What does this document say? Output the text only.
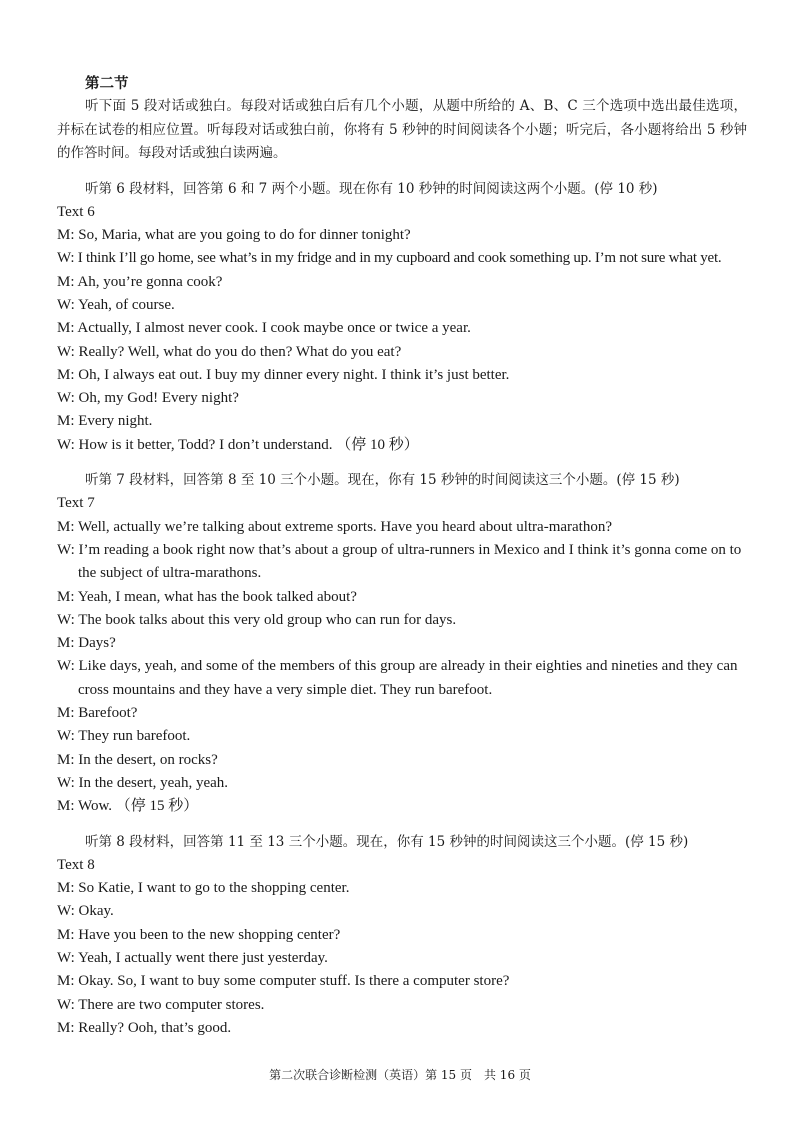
第二节

听下面 5 段对话或独白。每段对话或独白后有几个小题，从题中所给的 A、B、C 三个选项中选出最佳选项，并标在试卷的相应位置。听每段对话或独白前，你将有 5 秒钟的时间阅读各个小题；听完后，各小题将给出 5 秒钟的作答时间。每段对话或独白读两遍。

听第 6 段材料，回答第 6 和 7 两个小题。现在你有 10 秒钟的时间阅读这两个小题。(停 10 秒)

Text 6
M: So, Maria, what are you going to do for dinner tonight?
W: I think I’ll go home, see what’s in my fridge and in my cupboard and cook something up. I’m not sure what yet.
M: Ah, you’re gonna cook?
W: Yeah, of course.
M: Actually, I almost never cook. I cook maybe once or twice a year.
W: Really? Well, what do you do then? What do you eat?
M: Oh, I always eat out. I buy my dinner every night. I think it’s just better.
W: Oh, my God! Every night?
M: Every night.
W: How is it better, Todd? I don’t understand. （停 10 秒）

听第 7 段材料，回答第 8 至 10 三个小题。现在，你有 15 秒钟的时间阅读这三个小题。(停 15 秒)

Text 7
M: Well, actually we’re talking about extreme sports. Have you heard about ultra-marathon?
W: I’m reading a book right now that’s about a group of ultra-runners in Mexico and I think it’s gonna come on to the subject of ultra-marathons.
M: Yeah, I mean, what has the book talked about?
W: The book talks about this very old group who can run for days.
M: Days?
W: Like days, yeah, and some of the members of this group are already in their eighties and nineties and they can cross mountains and they have a very simple diet. They run barefoot.
M: Barefoot?
W: They run barefoot.
M: In the desert, on rocks?
W: In the desert, yeah, yeah.
M: Wow. （停 15 秒）

听第 8 段材料，回答第 11 至 13 三个小题。现在，你有 15 秒钟的时间阅读这三个小题。(停 15 秒)

Text 8
M: So Katie, I want to go to the shopping center.
W: Okay.
M: Have you been to the new shopping center?
W: Yeah, I actually went there just yesterday.
M: Okay. So, I want to buy some computer stuff. Is there a computer store?
W: There are two computer stores.
M: Really? Ooh, that’s good.
第二次联合诊断检测（英语）第 15 页　共 16 页
